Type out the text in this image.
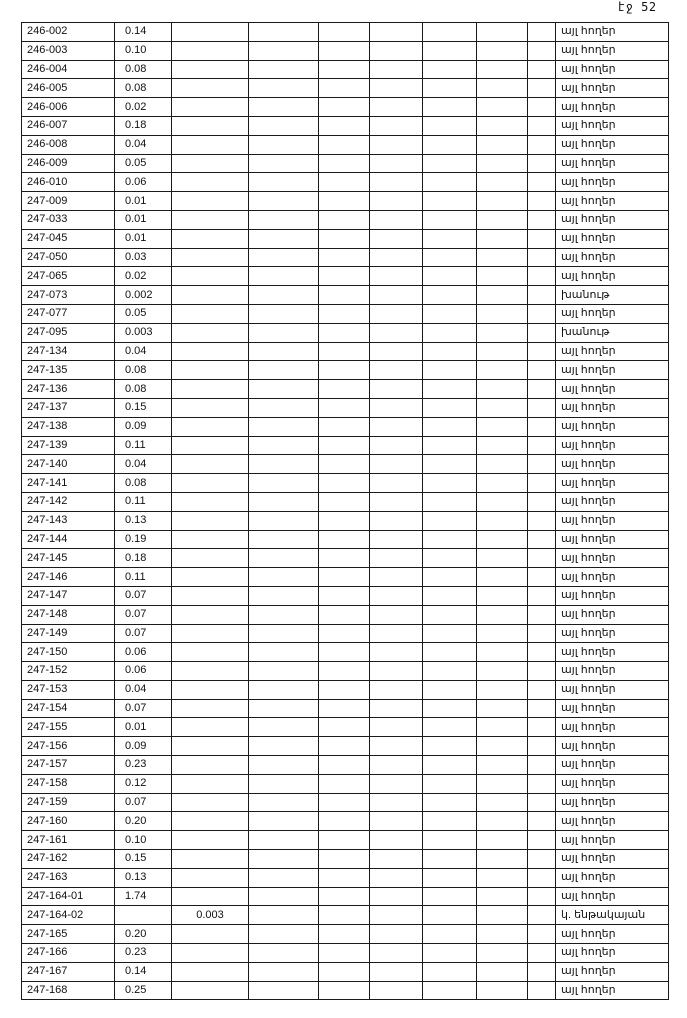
էջ 52
246-002	0.14								այլ հողեր
246-003	0.10								այլ հողեր
246-004	0.08								այլ հողեր
246-005	0.08								այլ հողեր
246-006	0.02								այլ հողեր
246-007	0.18								այլ հողեր
246-008	0.04								այլ հողեր
246-009	0.05								այլ հողեր
246-010	0.06								այլ հողեր
247-009	0.01								այլ հողեր
247-033	0.01								այլ հողեր
247-045	0.01								այլ հողեր
247-050	0.03								այլ հողեր
247-065	0.02								այլ հողեր
247-073	0.002								խանութ
247-077	0.05								այլ հողեր
247-095	0.003								խանութ
247-134	0.04								այլ հողեր
247-135	0.08								այլ հողեր
247-136	0.08								այլ հողեր
247-137	0.15								այլ հողեր
247-138	0.09								այլ հողեր
247-139	0.11								այլ հողեր
247-140	0.04								այլ հողեր
247-141	0.08								այլ հողեր
247-142	0.11								այլ հողեր
247-143	0.13								այլ հողեր
247-144	0.19								այլ հողեր
247-145	0.18								այլ հողեր
247-146	0.11								այլ հողեր
247-147	0.07								այլ հողեր
247-148	0.07								այլ հողեր
247-149	0.07								այլ հողեր
247-150	0.06								այլ հողեր
247-152	0.06								այլ հողեր
247-153	0.04								այլ հողեր
247-154	0.07								այլ հողեր
247-155	0.01								այլ հողեր
247-156	0.09								այլ հողեր
247-157	0.23								այլ հողեր
247-158	0.12								այլ հողեր
247-159	0.07								այլ հողեր
247-160	0.20								այլ հողեր
247-161	0.10								այլ հողեր
247-162	0.15								այլ հողեր
247-163	0.13								այլ հողեր
247-164-01	1.74								այլ հողեր
247-164-02		0.003							կ. ենթակայան
247-165	0.20								այլ հողեր
247-166	0.23								այլ հողեր
247-167	0.14								այլ հողեր
247-168	0.25								այլ հողեր
